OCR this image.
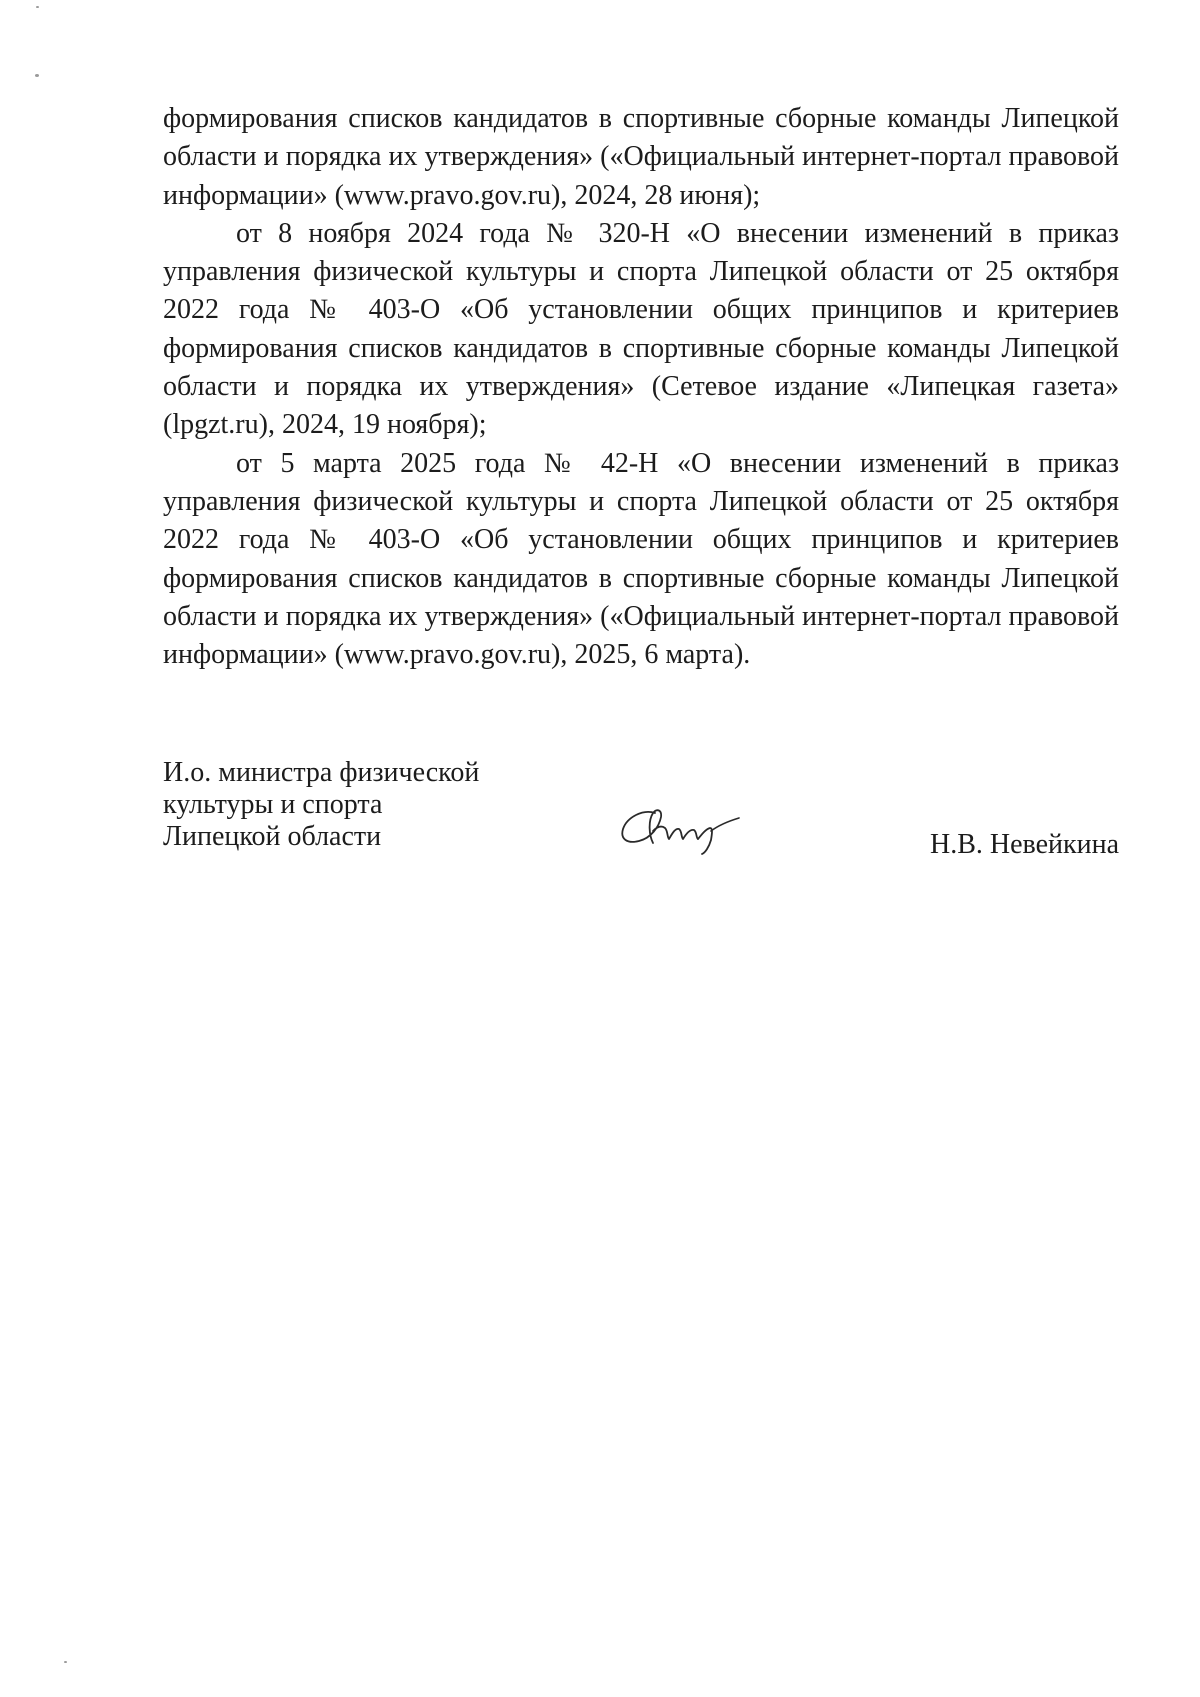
формирования списков кандидатов в спортивные сборные команды Липецкой области и порядка их утверждения» («Официальный интернет-портал правовой информации» (www.pravo.gov.ru), 2024, 28 июня);

от 8 ноября 2024 года № 320-Н «О внесении изменений в приказ управления физической культуры и спорта Липецкой области от 25 октября 2022 года № 403-О «Об установлении общих принципов и критериев формирования списков кандидатов в спортивные сборные команды Липецкой области и порядка их утверждения» (Сетевое издание «Липецкая газета» (lpgzt.ru), 2024, 19 ноября);

от 5 марта 2025 года № 42-Н «О внесении изменений в приказ управления физической культуры и спорта Липецкой области от 25 октября 2022 года № 403-О «Об установлении общих принципов и критериев формирования списков кандидатов в спортивные сборные команды Липецкой области и порядка их утверждения» («Официальный интернет-портал правовой информации» (www.pravo.gov.ru), 2025, 6 марта).

И.о. министра физической
культуры и спорта
Липецкой области	Н.В. Невейкина
